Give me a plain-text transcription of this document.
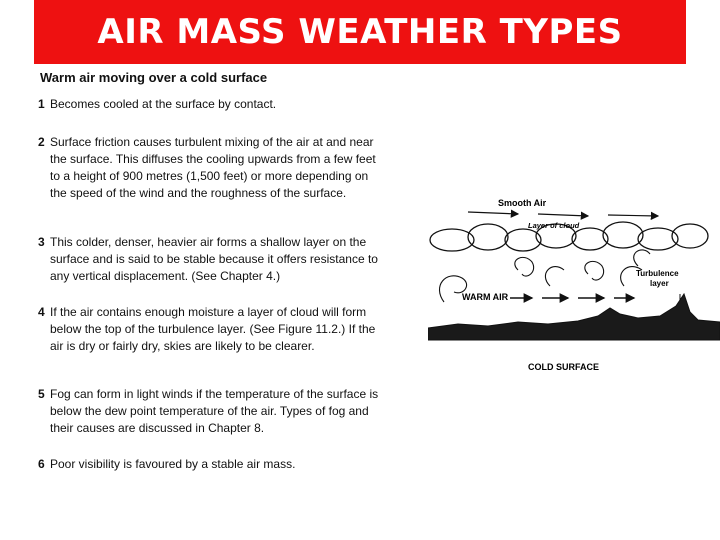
AIR MASS WEATHER TYPES
Warm air moving over a cold surface
1 Becomes cooled at the surface by contact.
2 Surface friction causes turbulent mixing of the air at and near the surface. This diffuses the cooling upwards from a few feet to a height of 900 metres (1,500 feet) or more depending on the speed of the wind and the roughness of the surface.
3 This colder, denser, heavier air forms a shallow layer on the surface and is said to be stable because it offers resistance to any vertical displacement. (See Chapter 4.)
4 If the air contains enough moisture a layer of cloud will form below the top of the turbulence layer. (See Figure 11.2.) If the air is dry or fairly dry, skies are likely to be clearer.
5 Fog can form in light winds if the temperature of the surface is below the dew point temperature of the air. Types of fog and their causes are discussed in Chapter 8.
6 Poor visibility is favoured by a stable air mass.
Smooth Air
Layer of cloud
Turbulence
layer
WARM AIR
COLD SURFACE
